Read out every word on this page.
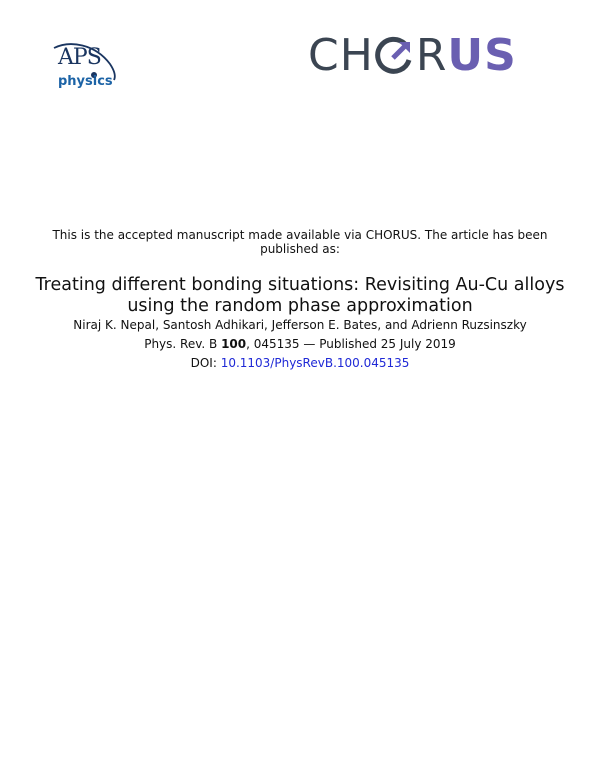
APS
physics
CH R US
This is the accepted manuscript made available via CHORUS. The article has been published as:
Treating different bonding situations: Revisiting Au-Cu alloys using the random phase approximation
Niraj K. Nepal, Santosh Adhikari, Jefferson E. Bates, and Adrienn Ruzsinszky
Phys. Rev. B 100, 045135 — Published 25 July 2019
DOI: 10.1103/PhysRevB.100.045135
